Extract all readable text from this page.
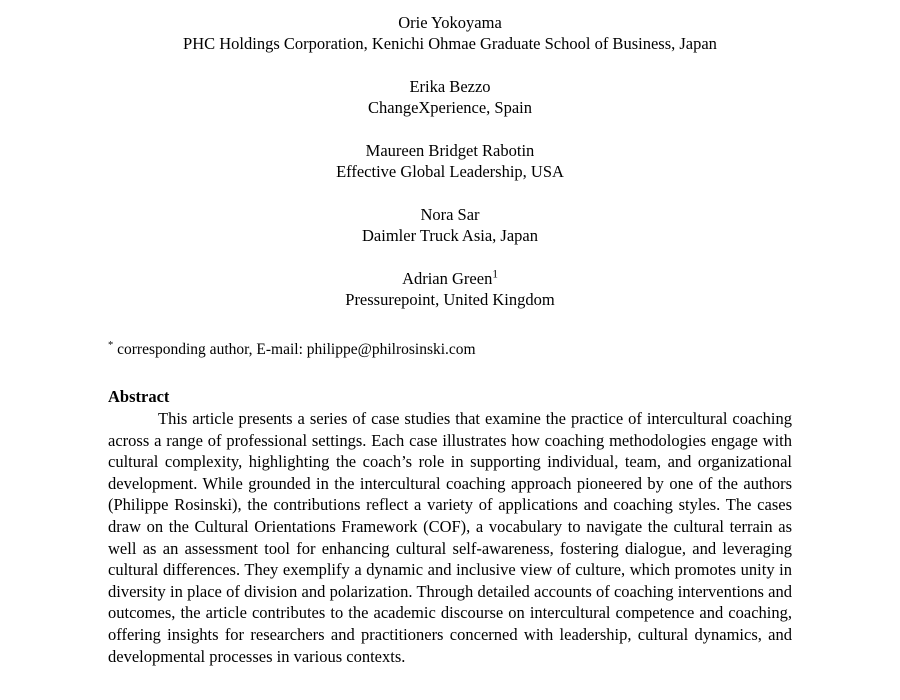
Orie Yokoyama
PHC Holdings Corporation, Kenichi Ohmae Graduate School of Business, Japan
Erika Bezzo
ChangeXperience, Spain
Maureen Bridget Rabotin
Effective Global Leadership, USA
Nora Sar
Daimler Truck Asia, Japan
Adrian Green$^1$
Pressurepoint, United Kingdom
* corresponding author, E-mail: philippe@philrosinski.com
Abstract

This article presents a series of case studies that examine the practice of intercultural coaching across a range of professional settings. Each case illustrates how coaching methodologies engage with cultural complexity, highlighting the coach’s role in supporting individual, team, and organizational development. While grounded in the intercultural coaching approach pioneered by one of the authors (Philippe Rosinski), the contributions reflect a variety of applications and coaching styles. The cases draw on the Cultural Orientations Framework (COF), a vocabulary to navigate the cultural terrain as well as an assessment tool for enhancing cultural self-awareness, fostering dialogue, and leveraging cultural differences. They exemplify a dynamic and inclusive view of culture, which promotes unity in diversity in place of division and polarization. Through detailed accounts of coaching interventions and outcomes, the article contributes to the academic discourse on intercultural competence and coaching, offering insights for researchers and practitioners concerned with leadership, cultural dynamics, and developmental processes in various contexts.
